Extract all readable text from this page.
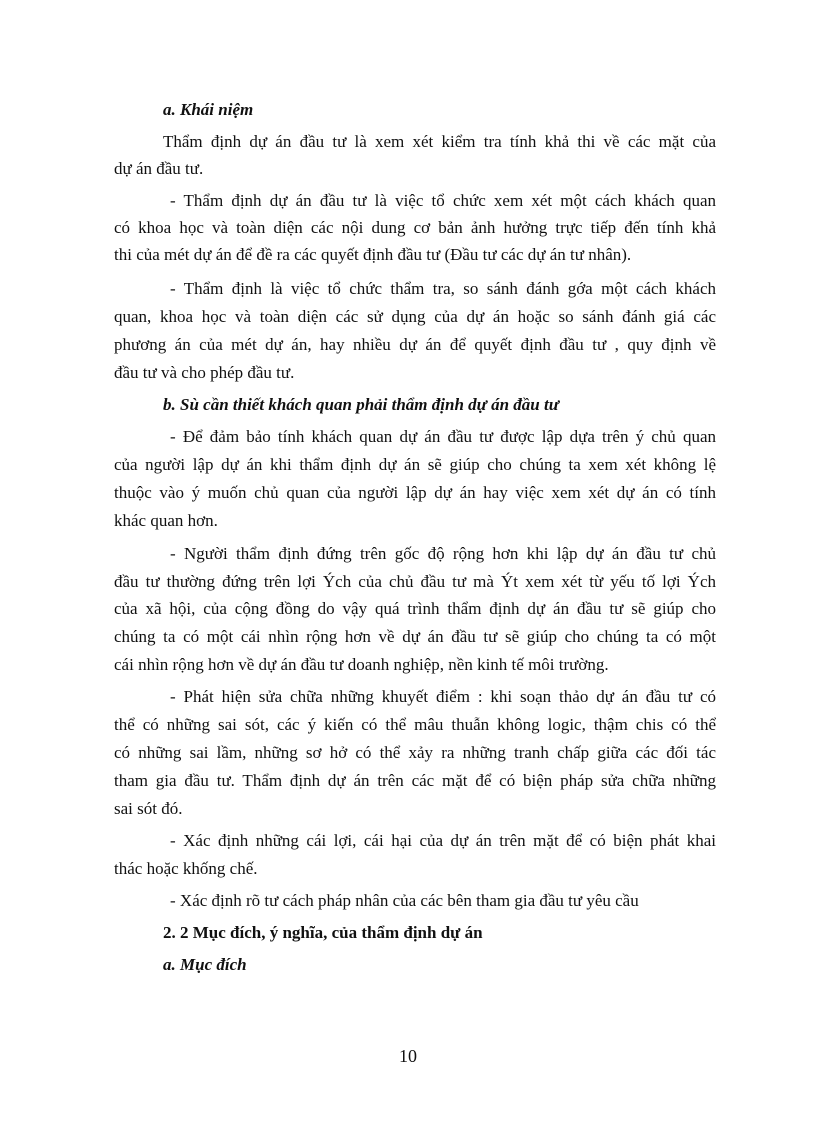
a. Khái niệm
Thẩm định dự án đầu tư là xem xét kiểm tra tính khả thi về các mặt của
dự án đầu tư.
- Thẩm định dự án đầu tư là việc tổ chức xem xét một cách khách quan
có khoa học và toàn diện các nội dung cơ bản ảnh hưởng trực tiếp đến tính khả
thi của mét dự án để đề ra các quyết định đầu tư (Đầu tư các dự án tư nhân).
- Thẩm định là việc tổ chức thẩm tra, so sánh đánh gớa một cách khách
quan, khoa học và toàn diện các sử dụng của dự án hoặc so sánh đánh giá các
phương án của mét dự án, hay nhiều dự án để quyết định đầu tư , quy định về
đầu tư và cho phép đầu tư.
b. Sù cần thiết khách quan phải thẩm định dự án đầu tư
- Để đảm bảo tính khách quan dự án đầu tư được lập dựa trên ý chủ quan
của người lập dự án khi thẩm định dự án sẽ giúp cho chúng ta xem xét không lệ
thuộc vào ý muốn chủ quan của người lập dự án hay việc xem xét dự án có tính
khác quan hơn.
- Người thẩm định đứng trên gốc độ rộng hơn khi lập dự án đầu tư chủ
đầu tư thường đứng trên lợi Ých của chủ đầu tư mà Ýt xem xét từ yếu tố lợi Ých
của xã hội, của cộng đồng do vậy quá trình thẩm định dự án đầu tư sẽ giúp cho
chúng ta có một cái nhìn rộng hơn về dự án đầu tư sẽ giúp cho chúng ta có một
cái nhìn rộng hơn về dự án đầu tư doanh nghiệp, nền kinh tế môi trường.
- Phát hiện sửa chữa những khuyết điểm : khi soạn thảo dự án đầu tư có
thể có những sai sót, các ý kiến có thể mâu thuẫn không logic, thậm chis có thể
có những sai lầm, những sơ hở có thể xảy ra những tranh chấp giữa các đối tác
tham gia đầu tư. Thẩm định dự án trên các mặt để có biện pháp sửa chữa những
sai sót đó.
- Xác định những cái lợi, cái hại của dự án trên mặt để có biện phát khai
thác hoặc khống chế.
- Xác định rõ tư cách pháp nhân của các bên tham gia đầu tư yêu cầu
2. 2 Mục đích, ý nghĩa, của thẩm định dự án
a. Mục đích
10
